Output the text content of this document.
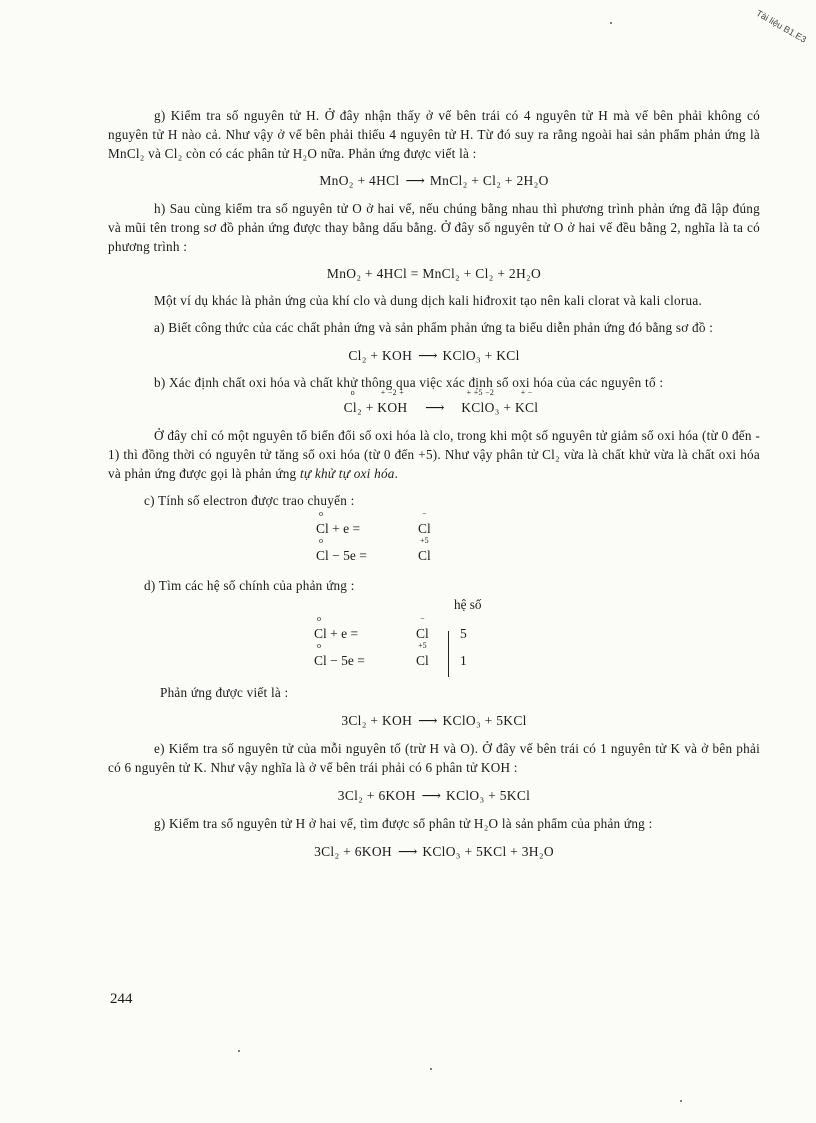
Tài liệu B1.E3

g) Kiểm tra số nguyên tử H. Ở đây nhận thấy ở vế bên trái có 4 nguyên tử H mà vế bên phải không có nguyên tử H nào cả. Như vậy ở vế bên phải thiếu 4 nguyên tử H. Từ đó suy ra rằng ngoài hai sản phẩm phản ứng là MnCl₂ và Cl₂ còn có các phân tử H₂O nữa. Phản ứng được viết là :

MnO₂ + 4HCl ⟶ MnCl₂ + Cl₂ + 2H₂O

h) Sau cùng kiểm tra số nguyên tử O ở hai vế, nếu chúng bằng nhau thì phương trình phản ứng đã lập đúng và mũi tên trong sơ đồ phản ứng được thay bằng dấu bằng. Ở đây số nguyên tử O ở hai vế đều bằng 2, nghĩa là ta có phương trình :

MnO₂ + 4HCl = MnCl₂ + Cl₂ + 2H₂O

Một ví dụ khác là phản ứng của khí clo và dung dịch kali hiđroxit tạo nên kali clorat và kali clorua.

a) Biết công thức của các chất phản ứng và sản phẩm phản ứng ta biểu diễn phản ứng đó bằng sơ đồ :

Cl₂ + KOH ⟶ KClO₃ + KCl

b) Xác định chất oxi hóa và chất khử thông qua việc xác định số oxi hóa của các nguyên tố :

o
Cl₂ +
+ −2 +
KOH ⟶
+ +5 −2
KClO₃ +
+ −
KCl

Ở đây chỉ có một nguyên tố biến đổi số oxi hóa là clo, trong khi một số nguyên tử giảm số oxi hóa (từ 0 đến - 1) thì đồng thời có nguyên tử tăng số oxi hóa (từ 0 đến +5). Như vậy phân tử Cl₂ vừa là chất khử vừa là chất oxi hóa và phản ứng được gọi là phản ứng tự khử tự oxi hóa.

c) Tính số electron được trao chuyển :

o
Cl + e =
−
Cl
o
Cl − 5e =
+5
Cl

d) Tìm các hệ số chính của phản ứng :

hệ số
o
Cl + e =
−
Cl 5
o
Cl − 5e =
+5
Cl 1

Phản ứng được viết là :

3Cl₂ + KOH ⟶ KClO₃ + 5KCl

e) Kiểm tra số nguyên tử của mỗi nguyên tố (trừ H và O). Ở đây vế bên trái có 1 nguyên tử K và ở bên phải có 6 nguyên tử K. Như vậy nghĩa là ở vế bên trái phải có 6 phân tử KOH :

3Cl₂ + 6KOH ⟶ KClO₃ + 5KCl

g) Kiểm tra số nguyên tử H ở hai vế, tìm được số phân tử H₂O là sản phẩm của phản ứng :

3Cl₂ + 6KOH ⟶ KClO₃ + 5KCl + 3H₂O

244
